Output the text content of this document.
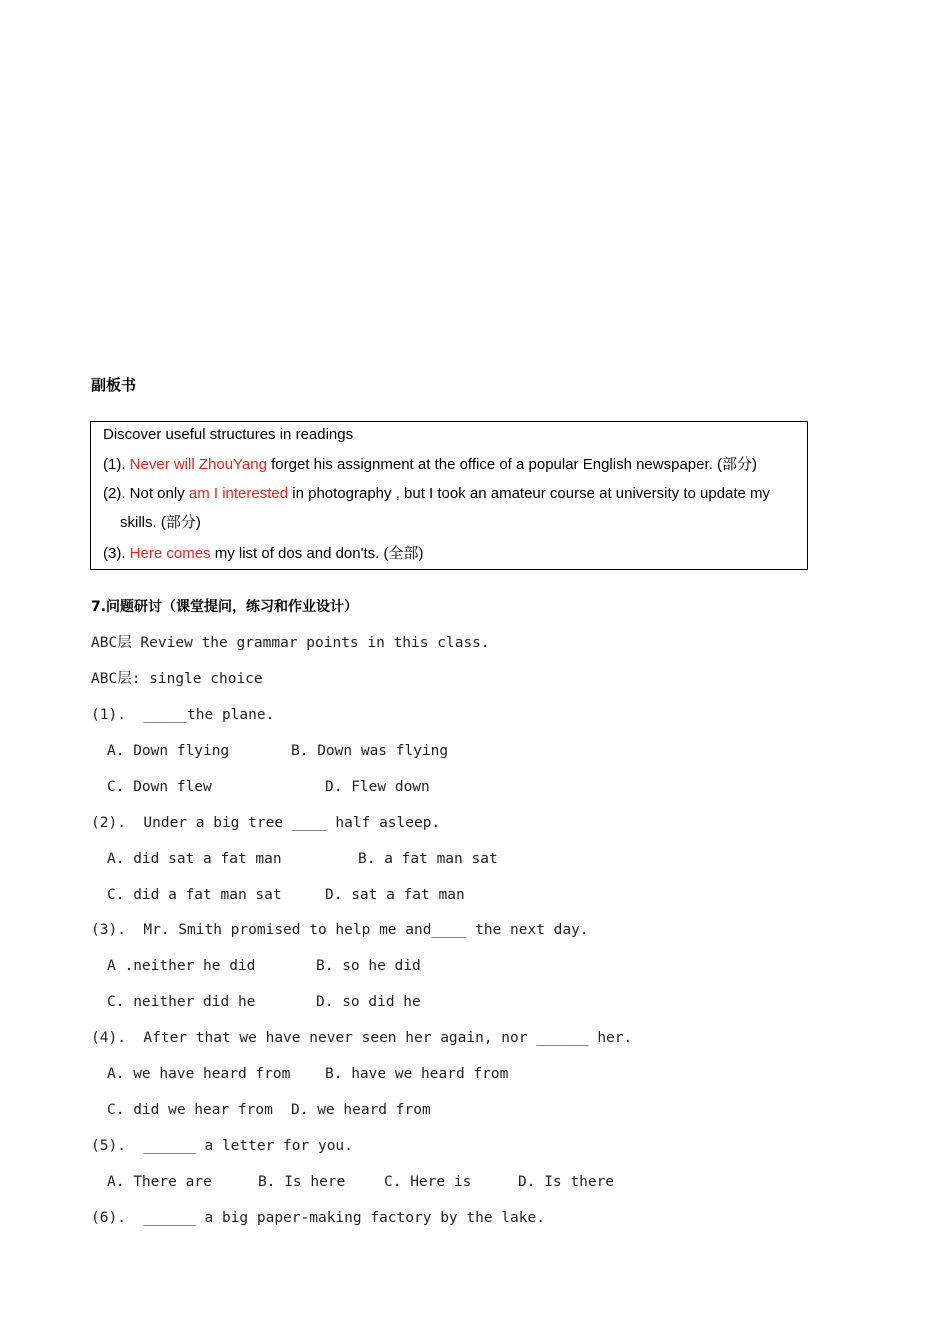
副板书
Discover useful structures in readings
(1). Never will ZhouYang forget his assignment at the office of a popular English newspaper. (部分)
(2). Not only am I interested in photography , but I took an amateur course at university to update my
skills. (部分)
(3). Here comes my list of dos and don'ts. (全部)
7.问题研讨（课堂提问，练习和作业设计）
ABC层 Review the grammar points in this class.
ABC层: single choice
(1).  _____the plane.
A. Down flying	B. Down was flying
C. Down flew	D. Flew down
(2).  Under a big tree ____ half asleep.
A. did sat a fat man	B. a fat man sat
C. did a fat man sat	D. sat a fat man
(3).  Mr. Smith promised to help me and____ the next day.
A .neither he did	B. so he did
C. neither did he	D. so did he
(4).  After that we have never seen her again, nor ______ her.
A. we have heard from B. have we heard from
C. did we hear from D. we heard from
(5).  ______ a letter for you.
A. There are	B. Is here	C. Here is	D. Is there
(6).  ______ a big paper-making factory by the lake.
